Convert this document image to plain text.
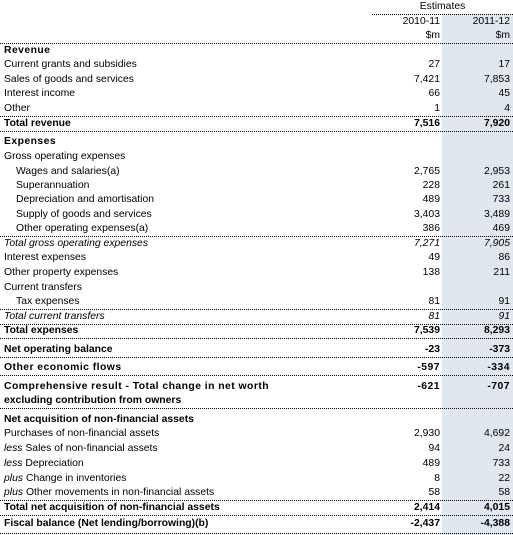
Estimates
2010-11	2011-12
$m	$m
Revenue
Current grants and subsidies	27	17
Sales of goods and services	7,421	7,853
Interest income	66	45
Other	1	4
Total revenue	7,516	7,920
Expenses
Gross operating expenses
Wages and salaries(a)	2,765	2,953
Superannuation	228	261
Depreciation and amortisation	489	733
Supply of goods and services	3,403	3,489
Other operating expenses(a)	386	469
Total gross operating expenses	7,271	7,905
Interest expenses	49	86
Other property expenses	138	211
Current transfers
Tax expenses	81	91
Total current transfers	81	91
Total expenses	7,539	8,293
Net operating balance	-23	-373
Other economic flows	-597	-334
Comprehensive result - Total change in net worth	-621	-707
excluding contribution from owners
Net acquisition of non-financial assets
Purchases of non-financial assets	2,930	4,692
less Sales of non-financial assets	94	24
less Depreciation	489	733
plus Change in inventories	8	22
plus Other movements in non-financial assets	58	58
Total net acquisition of non-financial assets	2,414	4,015
Fiscal balance (Net lending/borrowing)(b)	-2,437	-4,388
